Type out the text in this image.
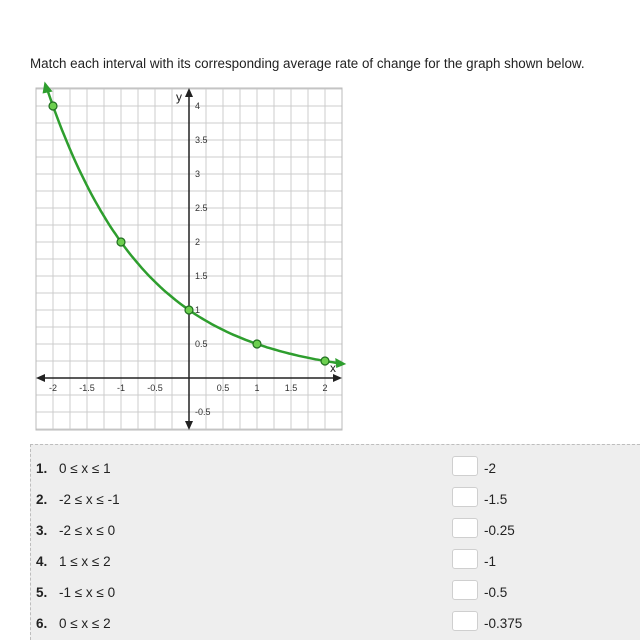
Match each interval with its corresponding average rate of change for the graph shown below.
x
y
-2 -1.5 -1 -0.5	0.5	1	1.5	2
-0.5
0.5
1
1.5
2
2.5
3
3.5
4
1. 0 ≤ x ≤ 1	-2
2. -2 ≤ x ≤ -1	-1.5
3. -2 ≤ x ≤ 0	-0.25
4. 1 ≤ x ≤ 2	-1
5. -1 ≤ x ≤ 0	-0.5
6. 0 ≤ x ≤ 2	-0.375
